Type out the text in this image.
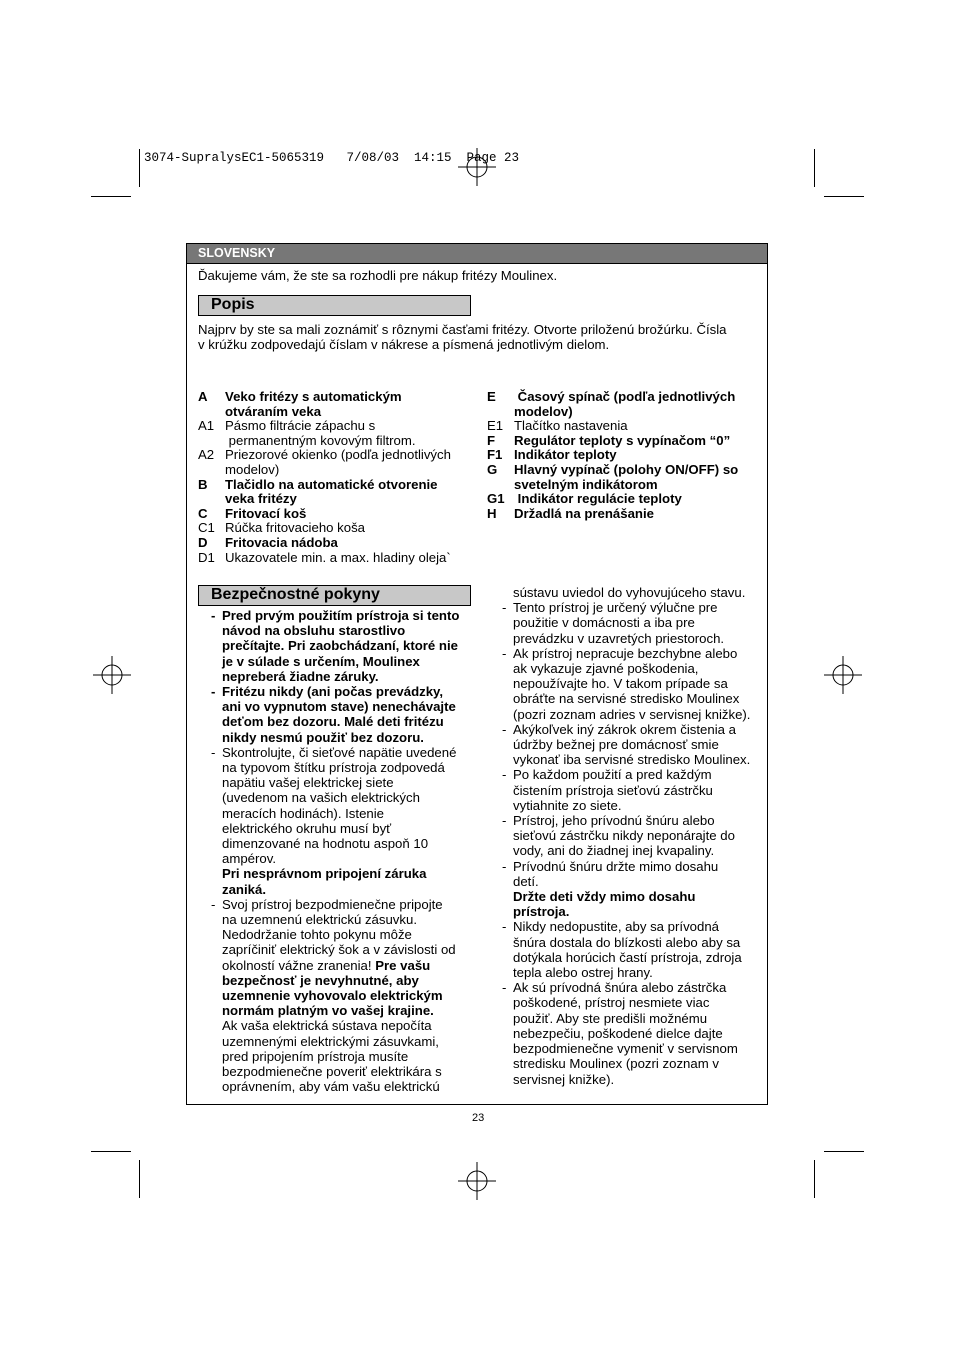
3074-SupralysEC1-5065319   7/08/03  14:15  Page 23
SLOVENSKY
Ďakujeme vám, že ste sa rozhodli pre nákup fritézy Moulinex.
Popis
Najprv by ste sa mali zoznámiť s rôznymi časťami fritézy. Otvorte priloženú brožúrku. Čísla
v krúžku zodpovedajú číslam v nákrese a písmená jednotlivým dielom.
A Veko fritézy s automatickým
otváraním veka
A1 Pásmo filtrácie zápachu s
permanentným kovovým filtrom.
A2 Priezorové okienko (podľa jednotlivých
modelov)
B Tlačidlo na automatické otvorenie
veka fritézy
C Fritovací koš
C1 Rúčka fritovacieho koša
D Fritovacia nádoba
D1 Ukazovatele min. a max. hladiny oleja`
E Časový spínač (podľa jednotlivých
modelov)
E1 Tlačítko nastavenia
F Regulátor teploty s vypínačom “0”
F1 Indikátor teploty
G Hlavný vypínač (polohy ON/OFF) so
svetelným indikátorom
G1 Indikátor regulácie teploty
H Držadlá na prenášanie
Bezpečnostné pokyny
- Pred prvým použitím prístroja si tento

návod na obsluhu starostlivo

prečítajte. Pri zaobchádzaní, ktoré nie

je v súlade s určením, Moulinex

nepreberá žiadne záruky.

- Fritézu nikdy (ani počas prevádzky,

ani vo vypnutom stave) nenechávajte

deťom bez dozoru. Malé deti fritézu

nikdy nesmú použiť bez dozoru.

- Skontrolujte, či sieťové napätie uvedené

na typovom štítku prístroja zodpovedá

napätiu vašej elektrickej siete

(uvedenom na vašich elektrických

meracích hodinách). Istenie

elektrického okruhu musí byť

dimenzované na hodnotu aspoň 10

ampérov.

Pri nesprávnom pripojení záruka

zaniká.

- Svoj prístroj bezpodmienečne pripojte

na uzemnenú elektrickú zásuvku.

Nedodržanie tohto pokynu môže

zapríčiniť elektrický šok a v závislosti od

okolností vážne zranenia! Pre vašu

bezpečnosť je nevyhnutné, aby

uzemnenie vyhovovalo elektrickým

normám platným vo vašej krajine.

Ak vaša elektrická sústava nepočíta

uzemnenými elektrickými zásuvkami,

pred pripojením prístroja musíte

bezpodmienečne poveriť elektrikára s

oprávnením, aby vám vašu elektrickú

sústavu uviedol do vyhovujúceho stavu.

- Tento prístroj je určený výlučne pre

použitie v domácnosti a iba pre

prevádzku v uzavretých priestoroch.

- Ak prístroj nepracuje bezchybne alebo

ak vykazuje zjavné poškodenia,

nepoužívajte ho. V takom prípade sa

obráťte na servisné stredisko Moulinex

(pozri zoznam adries v servisnej knižke).

- Akýkoľvek iný zákrok okrem čistenia a

údržby bežnej pre domácnosť smie

vykonať iba servisné stredisko Moulinex.

- Po každom použití a pred každým

čistením prístroja sieťovú zástrčku

vytiahnite zo siete.

- Prístroj, jeho prívodnú šnúru alebo

sieťovú zástrčku nikdy neponárajte do

vody, ani do žiadnej inej kvapaliny.

- Prívodnú šnúru držte mimo dosahu

detí.

Držte deti vždy mimo dosahu

prístroja.

- Nikdy nedopustite, aby sa prívodná

šnúra dostala do blízkosti alebo aby sa

dotýkala horúcich častí prístroja, zdroja

tepla alebo ostrej hrany.

- Ak sú prívodná šnúra alebo zástrčka

poškodené, prístroj nesmiete viac

použiť. Aby ste predišli možnému

nebezpečiu, poškodené dielce dajte

bezpodmienečne vymeniť v servisnom

stredisku Moulinex (pozri zoznam v

servisnej knižke).

23
